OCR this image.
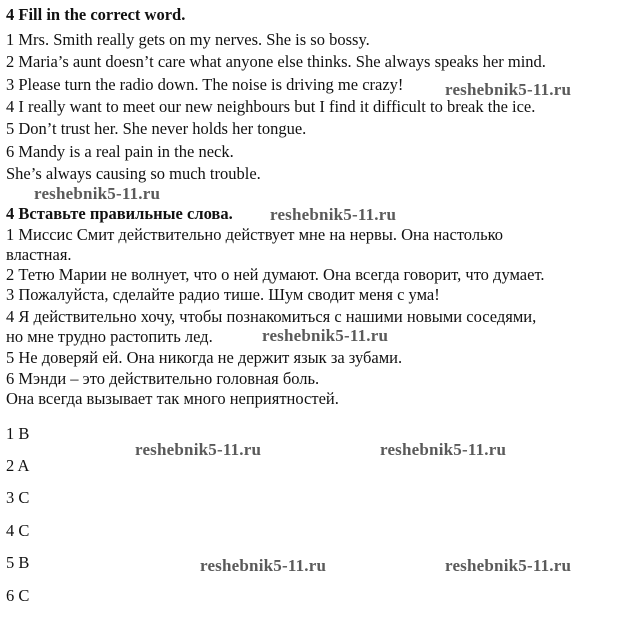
4 Fill in the correct word.
1 Mrs. Smith really gets on my nerves. She is so bossy.
2 Maria’s aunt doesn’t care what anyone else thinks. She always speaks her mind.
3 Please turn the radio down. The noise is driving me crazy!
4 I really want to meet our new neighbours but I find it difficult to break the ice.
5 Don’t trust her. She never holds her tongue.
6 Mandy is a real pain in the neck.
She’s always causing so much trouble.
4 Вставьте правильные слова.
1 Миссис Смит действительно действует мне на нервы. Она настолько
властная.
2 Тетю Марии не волнует, что о ней думают. Она всегда говорит, что думает.
3 Пожалуйста, сделайте радио тише. Шум сводит меня с ума!
4 Я действительно хочу, чтобы познакомиться с нашими новыми соседями,
но мне трудно растопить лед.
5 Не доверяй ей. Она никогда не держит язык за зубами.
6 Мэнди – это действительно головная боль.
Она всегда вызывает так много неприятностей.
1 B
2 A
3 C
4 C
5 B
6 C
reshebnik5-11.ru
reshebnik5-11.ru
reshebnik5-11.ru
reshebnik5-11.ru
reshebnik5-11.ru	reshebnik5-11.ru
reshebnik5-11.ru	reshebnik5-11.ru
